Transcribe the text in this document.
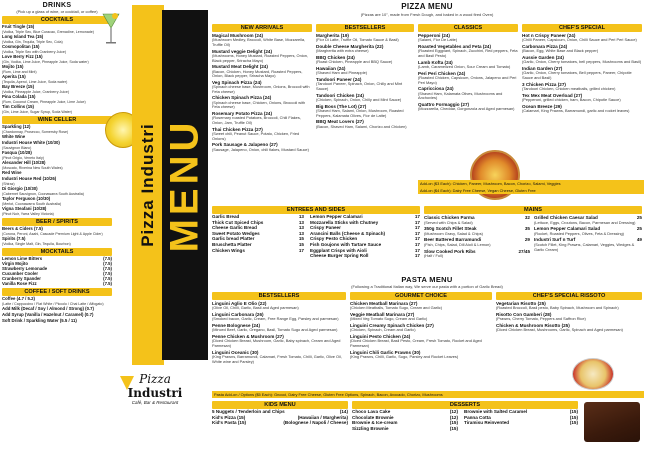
DRINKS
(Pick up a glass of wine, or cocktail, or coffee)
COCKTAILS
Fruit Tingle (15)
(Vodka, Triple Sec, Blue Curacao, Grenadine, Lemonade)
Long Island Tea (15)
(Vodka, Gin, Tequila, Triple Sec, Cola)
Cosmopolitan (15)
(Vodka, Triple Sec with Cranberry Juice)
Love Berry Fizz (15)
(Gin, Vodka, Lime Juice, Pineapple Juice, Soda water)
Mojito (15)
(Rum, Lime and Mint)
Aperita (15)
(Tequila, Aperol, Lime Juice, Soda water)
Bay Breeze (15)
(Vodka, Pineapple Juice, Cranberry Juice)
Pina Colada (15)
(Rum, Coconut Cream, Pineapple Juice, Lime Juice)
Tim Collins (15)
(Gin, Lime Juice, Sugar Syrup, Soda Water)
WINE CELLER
Sparkling (12)
(Chardonnay, Prosecco, Somersby Rose)
White Wine
Industri House White (10/30)
(Sauvignon Blanc)
Fasqua (10/28)
(Pinot Grigio, Veneto Italy)
Alexander Hill (10/28)
(Moscato, Riverina New South Wales)
Red Wine
Industri House Red (10/26)
(Shiraz)
Di Giorgio (10/30)
(Cabernet Sauvignon, Coonawarra South Australia)
Taylor Ferguson (10/30)
(Merlot, Coonawarra South Australia)
Vigna Steafani (10/28)
(Pinot Noir, Yarra Valley Victoria)
BEER / SPIRITS
Beers & Ciders (7.5)
(Corona, Peroni, Asahi, Cascade Premium Light & Apple Cider)
Spirits (7.5)
(Vodka, Single Malt, Gin, Tequila, Bourbon)
MOCKTAILS
Lemon Lime Bitters	(7.5)
Virgin Mojito	(7.5)
Strawberry Lemonade	(7.5)
Cucumber Cooler	(7.5)
Cranberry Spander	(7.5)
Vanilla Rose Fizz	(7.5)
COFFEE / SOFT DRINKS
Coffee (4.7 / 5.2)
(Latte / Cappuccino / Flat White / Piccolo / Chai Latte / Affogato)
Add Milk (Decaf / Soy / Almond / Strong) (0.7)
Add Syrup (Vanilla / Hazelnut / Caramel) (0.7)
Soft Drink / Sparkling Water (5.5 / 11)
Pizza Industri MENU
Pizza
Industri
Café, Bar & Restaurant
PIZZA MENU
(Pizzas are 10", made from Fresh Dough, and baked in a wood fired Oven)
NEW ARRIVALS
Magical Mushroom (24)
(Mushroom Medley, Broccoli, White Base, Mozzarella, Truffle Oil)
Mustard veggie Delight (24)
(Mushrooms, Honey Mustard, Roasted Peppers, Onion, Black pepper, Sriracha Mayo)
Mustard Meat Delight (24)
(Bacon, Chicken, Honey Mustard, Roasted Peppers, Onion, Black pepper, Sriracha Mayo)
Veg Spinach Pizza (24)
(Spinach cheese base, Mushroom, Onions, Broccoli with Feta cheese)
Chicken Spinach Pizza (24)
(Spinach cheese base, Chicken, Onions, Broccoli with Feta cheese)
Rosemary Potato Pizza (24)
(Rosemary roasted Potatoes, Broccoli, Chili Flakes, Onion, Jam, Truffle Oil)
Thai Chicken Pizza (27)
(Sweet chili, Peanut Sauce, Potato, Chicken, Fried Onions)
Pork Sausage & Jalapeno (27)
(Sausage, Jalapeno, Onion, chili flakes, Mustard Sauce)
BESTSELLERS
Margherita (19)
(Fior Di Latte, Truffle Oil, Tomato Sauce & Basil)
Double Cheese Margherita (22)
(Margherita with extra cheese)
BBQ Chicken (24)
(Roast Chicken, Pineapple and BBQ Sauce)
Hawaiian (24)
(Shaved Ham and Pineapple)
Tandoori Paneer (24)
(Tandoori Paneer, Spinach, Onion, Chilly and Mint Sauce)
Tandoori Chicken (24)
(Chicken, Spinach, Onion, Chilly and Mint Sauce)
Big Boss (The Lot) (27)
(Shaved Ham, Salami, Onion, Mushroom, Roasted Peppers, Kalamata Olives, Fior de Latte)
BBQ Meat Lovers (27)
(Bacon, Shaved Ham, Salami, Chorizo and Chicken)
CLASSICS
Pepperoni (24)
(Salami, Fior De Latte)
Roasted Vegetables and Feta (24)
(Roasted Eggplant, Spinach, Zucchini, Red peppers, Feta and Basil Pesto)
Lamb Kofta (24)
(Lamb, Caramelized Onion, Sour Cream and Tomato)
Peri Peri Chicken (24)
(Roasted Chicken, Capsicum, Onions, Jalapeno and Peri Peri Mayo)
Capricciosa (24)
(Shaved Ham, Kalamata Olives, Mushrooms and Anchovies)
Quattro Formaggio (27)
(Mozzarella, Cheddar, Gorgonzola and Aged parmesan)
CHEF'S SPECIAL
Hot n Crispy Paneer (24)
(Chilli Paneer, Capsicum, Onion, Chilli Sauce and Peri Peri Sauce)
Carbonara Pizza (24)
(Bacon, Egg, White Base and Black pepper)
Aussie Garden (24)
(Garlic, Onion, Cherry tomatoes, bell peppers, Mushrooms and Basil)
Indian Garden (27)
(Garlic, Onion, Cherry tomatoes, Bell peppers, Paneer, Chipotle Sauce and Basil)
3 Chicken Pizza (27)
(Tandoori Chicken, Chicken meatballs, grilled chicken)
Tex Mex Meat Overload (27)
(Pepperoni, grilled chicken, ham, Bacon, Chipotle Sauce)
Ocean Breeze (29)
(Calamari, King Prawns, Barramundi, garlic and rocket leaves)
Add-on ($3 Each): Chicken, Paneer, Mushroom, Bacon, Chorizo, Salami, Veggies
Add-on ($4 Each): Dairy Free Cheese, Vegan Cheese, Gluten Free
ENTREES AND SIDES
Garlic Bread	13
Thick Cut Spiced Chips	13
Cheese Garlic Bread	13
Sweet Potato Wedges	13
Garlic bread Platter	15
Bruschetta Platter	15
Chicken Wings	17
Lemon Pepper Calamari	17
Mozzarella Sticks with Chutney	17
Crispy Paneer	17
Arancini Balls (Cheese & Spinach)	17
Crispy Pesto Chicken	17
Fish Goujons with Tartare Sauce	17
Eggplant Crisps with Aioli	17
Cheese Burger Spring Roll	17
MAINS
Classic Chicken Parma	32
(Served with Chips & Salad)
350g Scotch Fillet Steak	35
(Mushroom Gravy, Salad & Chips)
Beer Battered Barramundi	29
(Fish, Chips, Salad, Dill Aioli & Lemon)
Slow Cooked Pork Ribs	27/45
(Half / Full)
Grilled Chicken Caesar Salad	25
(Lettuce, Eggs, Croutons, Bacon, Parmesan and Dressing)
Lemon Pepper Calamari Salad	25
(Rocket, Roasted Peppers, Olives, Feta & Dressing)
Industri Surf n Turf	49
(Scotch Fillet, King Prawns, Calamari, Veggies, Wedges & Garlic Cream)
PASTA MENU
(Following a Traditional Italian way, We serve our pasta with a portion of Garlic Bread)
BESTSELLERS
Linguini Aglio E Olio (22)
(Olive Oil, Chilli, Garlic, Basil and Aged parmesan)
Linguini Carbonara (26)
(Smoked bacon, Garlic, Cream, Free Range Egg, Parsley and parmesan)
Penne Bolognese (24)
(Minced Beef, Garlic, Oregano, Basil, Tomato Sugo and Aged parmesan)
Penne Chicken & Mushroom (27)
(Diced Chicken Breast, Mushroom, Garlic, Baby spinach, Cream and Aged Parmesan)
Linguini Oceanic (30)
(King Prawns, Barramundi, Calamari, Fresh Tomato, Chilli, Garlic, Olive Oil, White wine and Parsley)
GOURMET CHOICE
Chicken Meatball Marinara (27)
(Chicken Meatballs, Tomato Sugo, Cream and Garlic)
Veggie Meatball Marinara (27)
(Mixed Veg Tomato Sugo, Cream and Garlic)
Linguini Creamy Spinach Chicken (27)
(Chicken, Spinach, Cream and Garlic)
Linguini Pesto Chicken (24)
(Diced Chicken Breast, Basil Pesto, Cream, Fresh Tomato, Rocket and Aged Parmesan)
Linguini Chili Garlic Prawns (30)
(King Prawns, Chilli, Garlic, Sugo, Parsley and Rocket Leaves)
CHEF'S SPECIAL RISSOTO
Vegetarian Risotto (25)
(Roasted Broccoli, Basil pesto, Baby Spinach, Mushroom and Spinach)
Risotto Con Gamberi (28)
(Prawns, Cherry Tomato, Peppers and Saffron Rice)
Chicken & Mushroom Risotto (25)
(Diced Chicken Breast, Mushrooms, Garlic, Spinach and Aged parmesan)
Pasta Add-on / Options ($5 Each): Gnocci, Dairy Free Cheese, Gluten Free Options, Spinach, Bacon, Avocado, Chorizo, Mushrooms
KIDS MENU
5 Nuggets / Tenderloin and Chips	(14)
Kid's Pizza (15)	(Hawaiian / Margherita)
Kid's Pasta (15)	(Bolognese / Napoli / Cheese)
DESSERTS
Choco Lava Cake	(12)
Chocolate Brownie	(12)
Brownie & Ice-cream	(15)
Sizzling Brownie	(15)
Brownie with Salted Caramel	(15)
Panna Cotta	(15)
Tiramisu Reinvented	(15)
